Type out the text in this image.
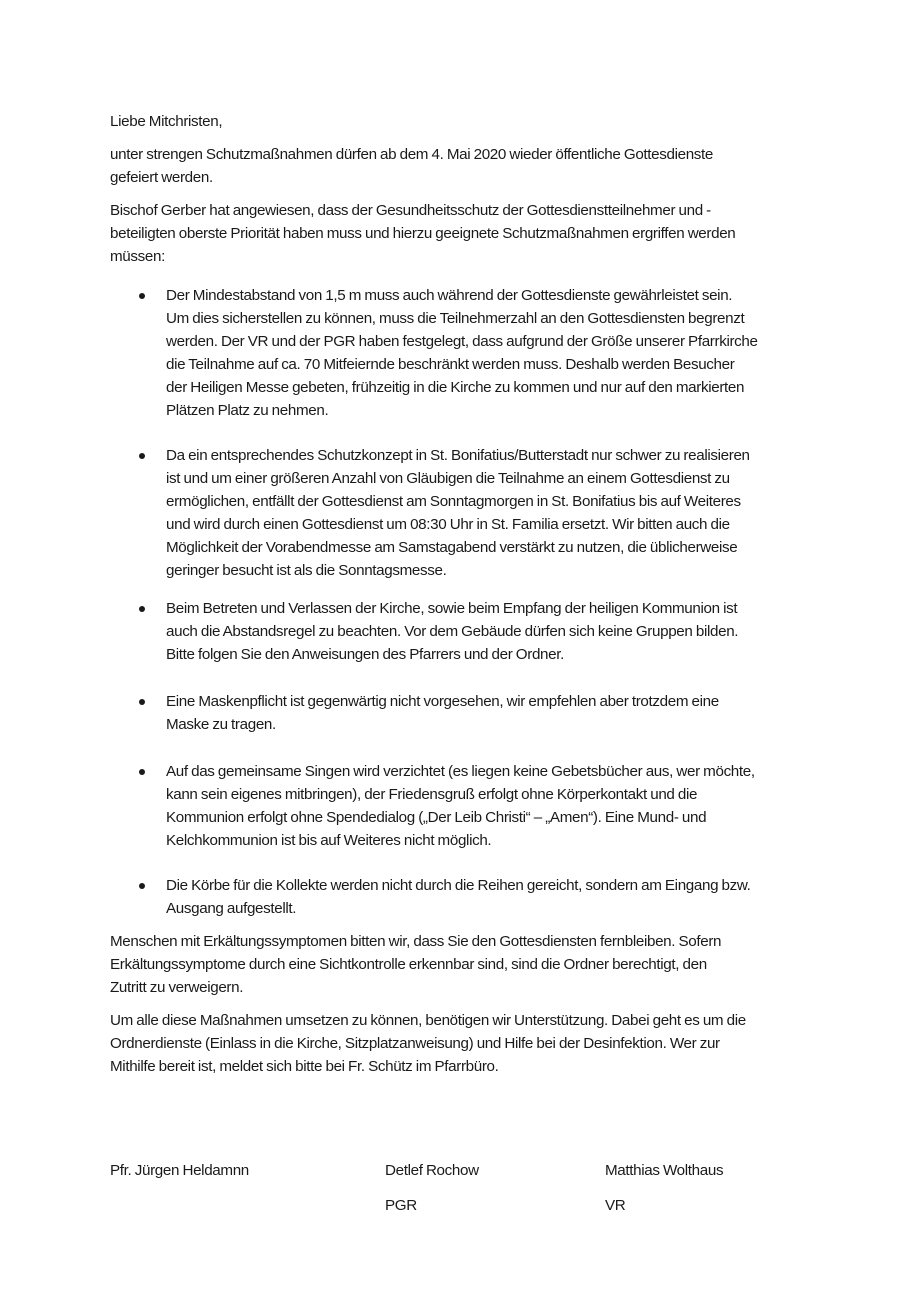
Liebe Mitchristen,
unter strengen Schutzmaßnahmen dürfen ab dem 4. Mai 2020 wieder öffentliche Gottesdienste
gefeiert werden.
Bischof Gerber hat angewiesen, dass der Gesundheitsschutz der Gottesdienstteilnehmer und -
beteiligten oberste Priorität haben muss und hierzu geeignete Schutzmaßnahmen ergriffen werden
müssen:
Der Mindestabstand von 1,5 m muss auch während der Gottesdienste gewährleistet sein.
Um dies sicherstellen zu können, muss die Teilnehmerzahl an den Gottesdiensten begrenzt
werden. Der VR und der PGR haben festgelegt, dass aufgrund der Größe unserer Pfarrkirche
die Teilnahme auf ca. 70 Mitfeiernde beschränkt werden muss. Deshalb werden Besucher
der Heiligen Messe gebeten, frühzeitig in die Kirche zu kommen und nur auf den markierten
Plätzen Platz zu nehmen.
Da ein entsprechendes Schutzkonzept in St. Bonifatius/Butterstadt nur schwer zu realisieren
ist und um einer größeren Anzahl von Gläubigen die Teilnahme an einem Gottesdienst zu
ermöglichen, entfällt der Gottesdienst am Sonntagmorgen in St. Bonifatius bis auf Weiteres
und wird durch einen Gottesdienst um 08:30 Uhr in St. Familia ersetzt. Wir bitten auch die
Möglichkeit der Vorabendmesse am Samstagabend verstärkt zu nutzen, die üblicherweise
geringer besucht ist als die Sonntagsmesse.
Beim Betreten und Verlassen der Kirche, sowie beim Empfang der heiligen Kommunion ist
auch die Abstandsregel zu beachten. Vor dem Gebäude dürfen sich keine Gruppen bilden.
Bitte folgen Sie den Anweisungen des Pfarrers und der Ordner.
Eine Maskenpflicht ist gegenwärtig nicht vorgesehen, wir empfehlen aber trotzdem eine
Maske zu tragen.
Auf das gemeinsame Singen wird verzichtet (es liegen keine Gebetsbücher aus, wer möchte,
kann sein eigenes mitbringen), der Friedensgruß erfolgt ohne Körperkontakt und die
Kommunion erfolgt ohne Spendedialog („Der Leib Christi“ – „Amen“). Eine Mund- und
Kelchkommunion ist bis auf Weiteres nicht möglich.
Die Körbe für die Kollekte werden nicht durch die Reihen gereicht, sondern am Eingang bzw.
Ausgang aufgestellt.
Menschen mit Erkältungssymptomen bitten wir, dass Sie den Gottesdiensten fernbleiben. Sofern
Erkältungssymptome durch eine Sichtkontrolle erkennbar sind, sind die Ordner berechtigt, den
Zutritt zu verweigern.
Um alle diese Maßnahmen umsetzen zu können, benötigen wir Unterstützung. Dabei geht es um die
Ordnerdienste (Einlass in die Kirche, Sitzplatzanweisung) und Hilfe bei der Desinfektion. Wer zur
Mithilfe bereit ist, meldet sich bitte bei Fr. Schütz im Pfarrbüro.
Pfr. Jürgen Heldamnn	Detlef Rochow
PGR
Matthias Wolthaus
VR
